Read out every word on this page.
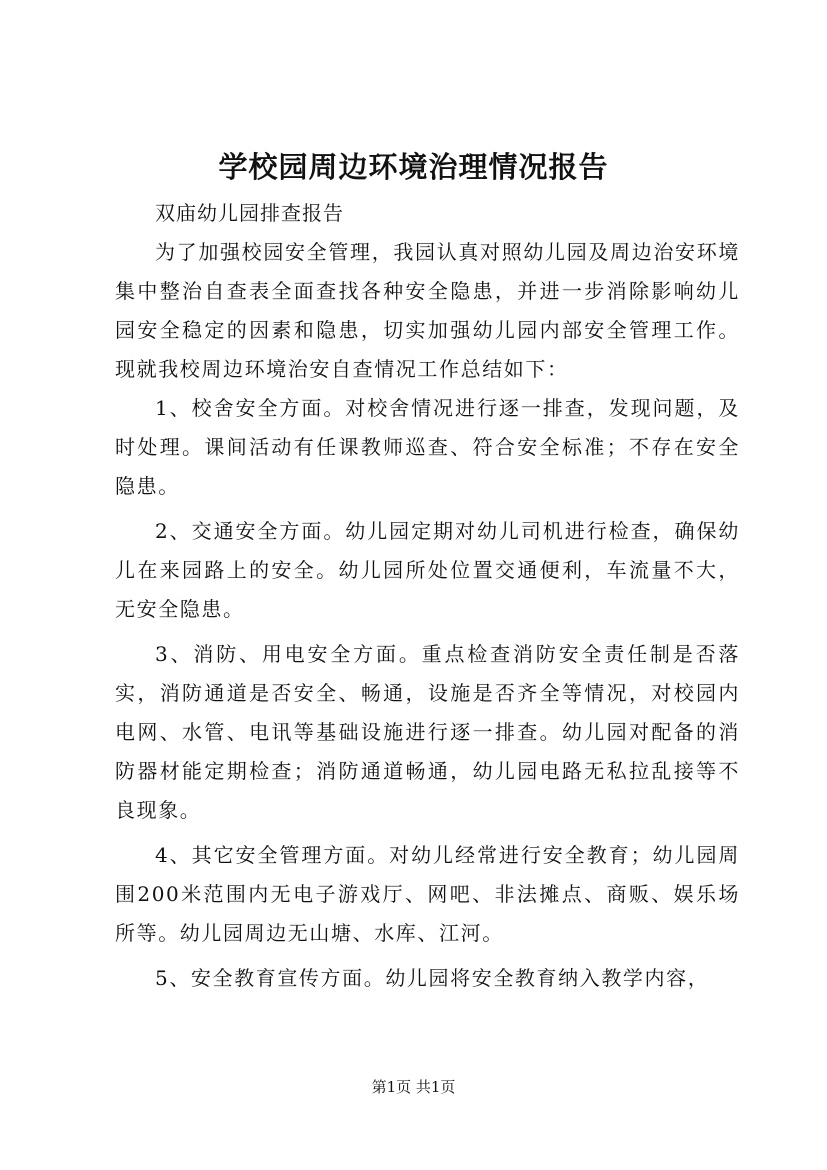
学校园周边环境治理情况报告

双庙幼儿园排查报告

为了加强校园安全管理，我园认真对照幼儿园及周边治安环境集中整治自查表全面查找各种安全隐患，并进一步消除影响幼儿园安全稳定的因素和隐患，切实加强幼儿园内部安全管理工作。现就我校周边环境治安自查情况工作总结如下：

1、校舍安全方面。对校舍情况进行逐一排查，发现问题，及时处理。课间活动有任课教师巡查、符合安全标准；不存在安全隐患。

2、交通安全方面。幼儿园定期对幼儿司机进行检查，确保幼儿在来园路上的安全。幼儿园所处位置交通便利，车流量不大，无安全隐患。

3、消防、用电安全方面。重点检查消防安全责任制是否落实，消防通道是否安全、畅通，设施是否齐全等情况，对校园内电网、水管、电讯等基础设施进行逐一排查。幼儿园对配备的消防器材能定期检查；消防通道畅通，幼儿园电路无私拉乱接等不良现象。

4、其它安全管理方面。对幼儿经常进行安全教育；幼儿园周围200米范围内无电子游戏厅、网吧、非法摊点、商贩、娱乐场所等。幼儿园周边无山塘、水库、江河。

5、安全教育宣传方面。幼儿园将安全教育纳入教学内容，

第1页 共1页
